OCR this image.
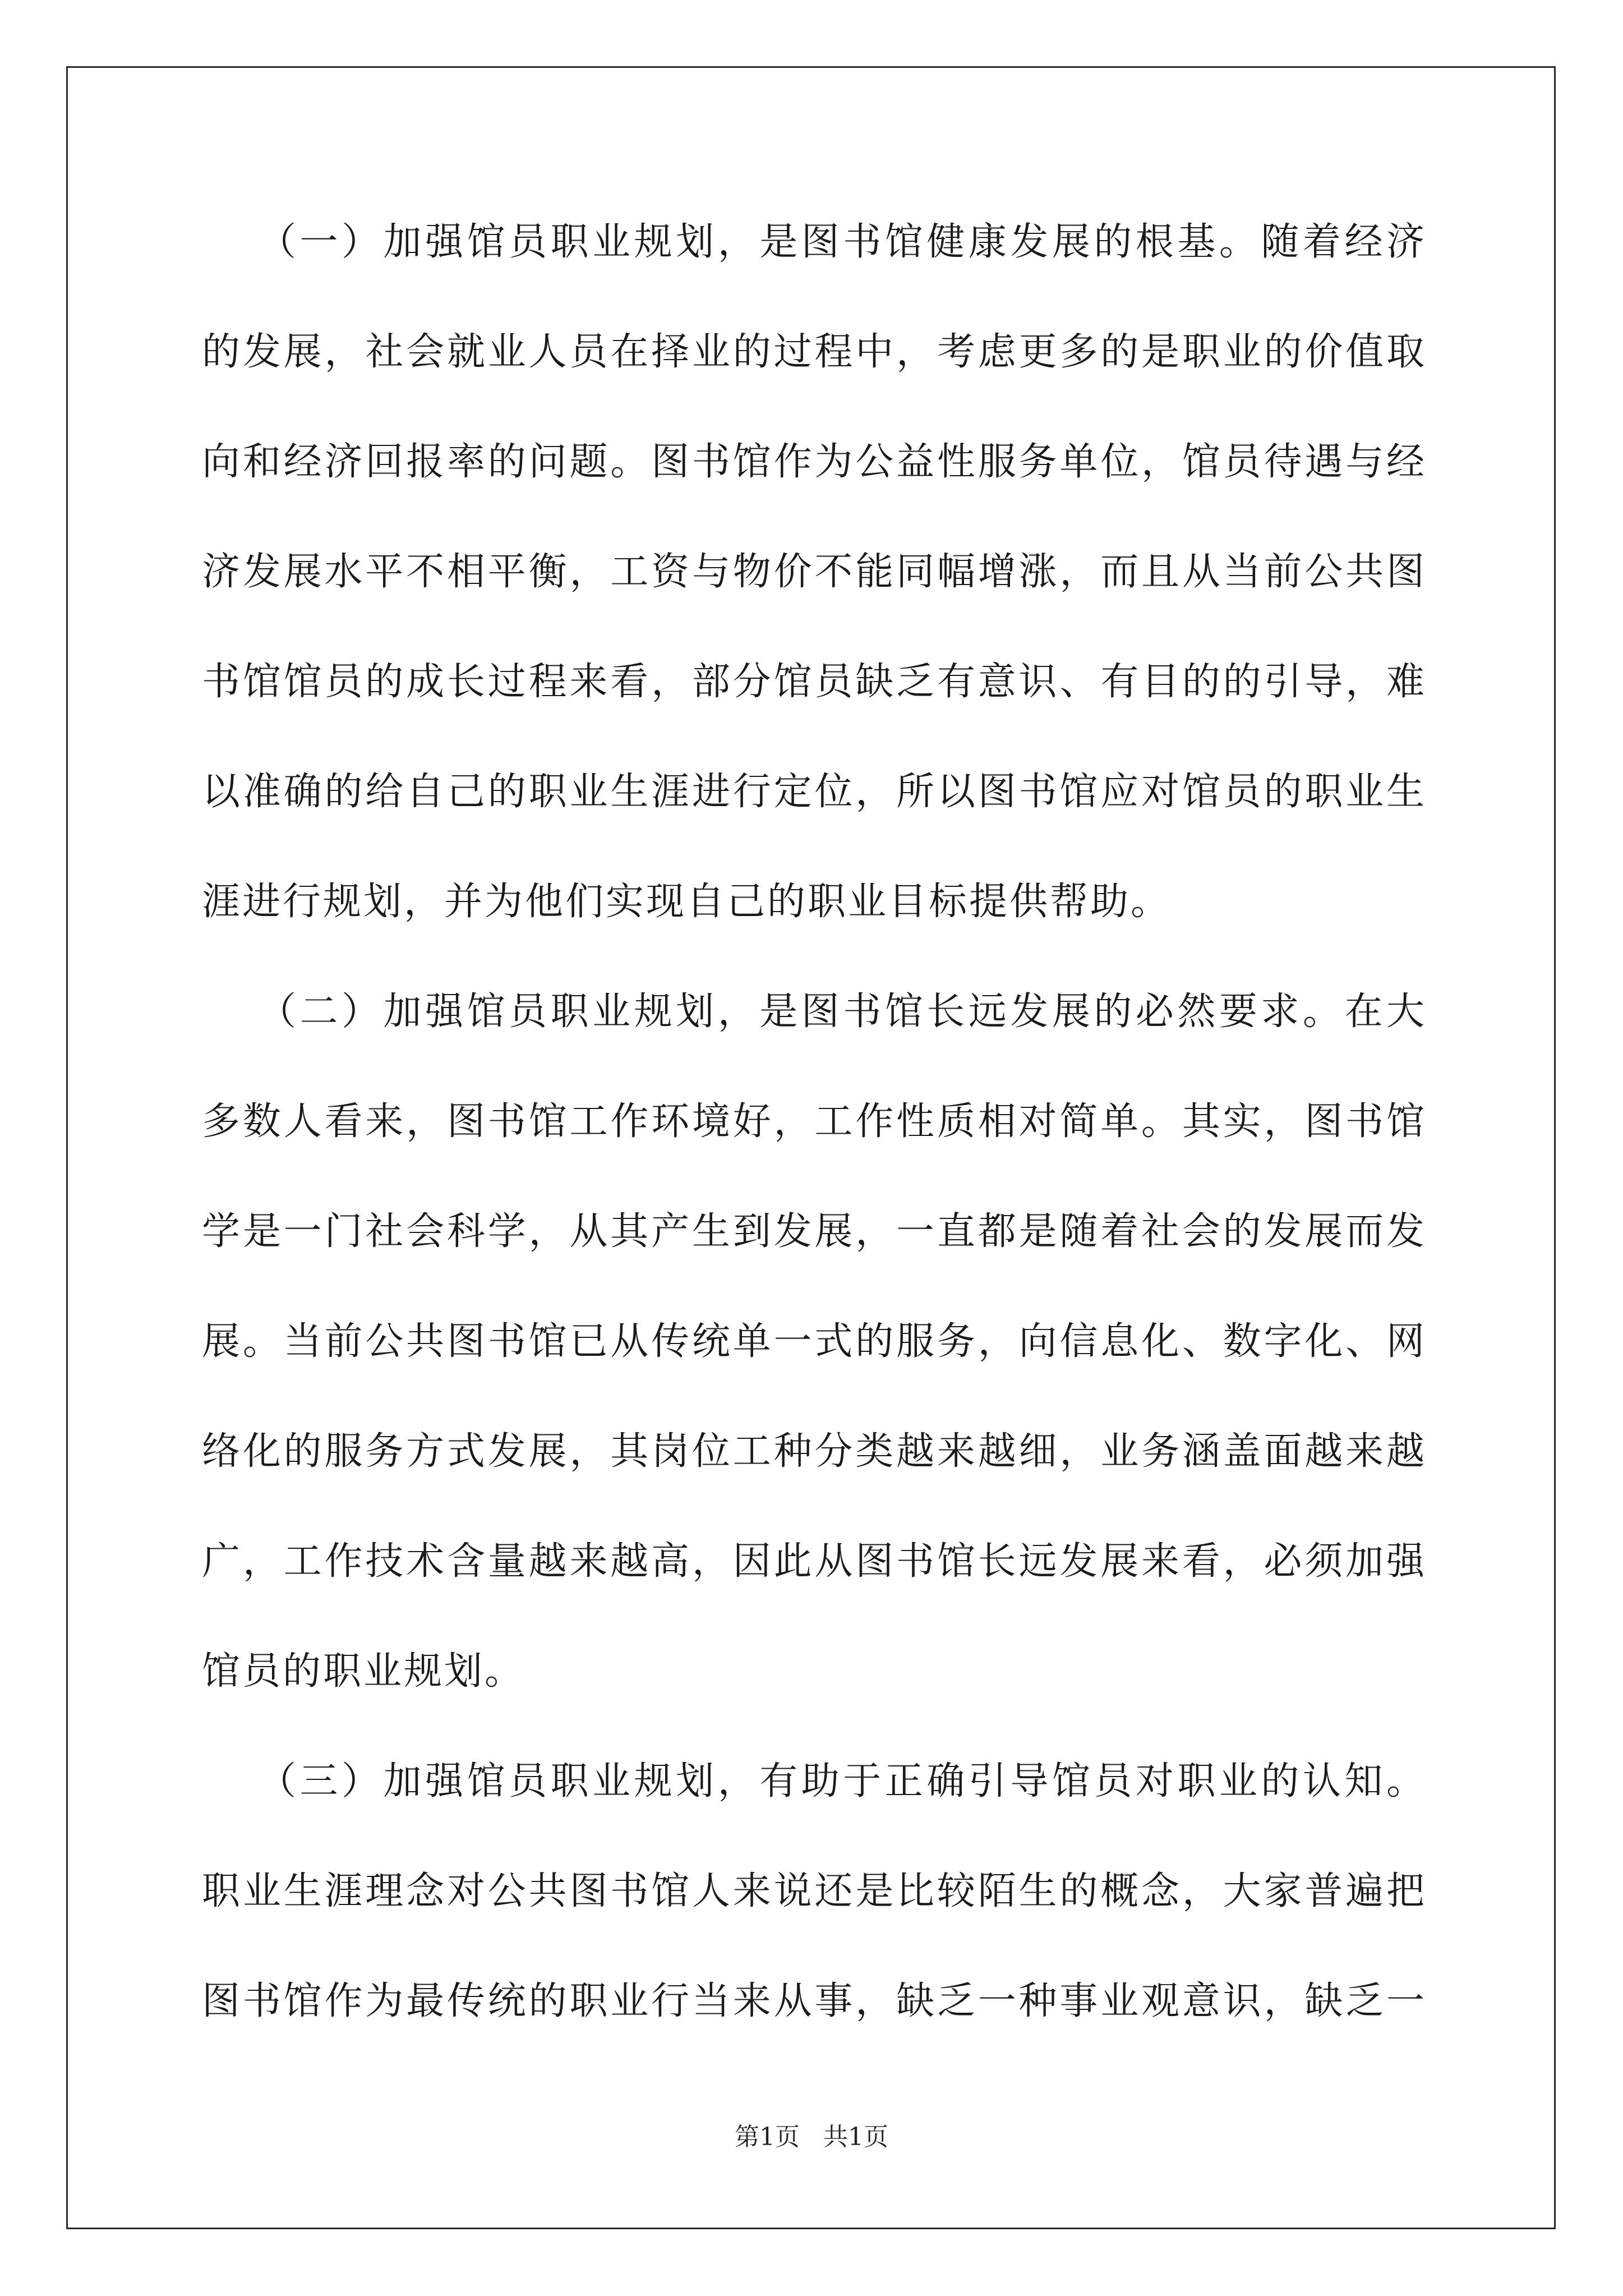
（一）加强馆员职业规划，是图书馆健康发展的根基。随着经济
的发展，社会就业人员在择业的过程中，考虑更多的是职业的价值取
向和经济回报率的问题。图书馆作为公益性服务单位，馆员待遇与经
济发展水平不相平衡，工资与物价不能同幅增涨，而且从当前公共图
书馆馆员的成长过程来看，部分馆员缺乏有意识、有目的的引导，难
以准确的给自己的职业生涯进行定位，所以图书馆应对馆员的职业生
涯进行规划，并为他们实现自己的职业目标提供帮助。
（二）加强馆员职业规划，是图书馆长远发展的必然要求。在大
多数人看来，图书馆工作环境好，工作性质相对简单。其实，图书馆
学是一门社会科学，从其产生到发展，一直都是随着社会的发展而发
展。当前公共图书馆已从传统单一式的服务，向信息化、数字化、网
络化的服务方式发展，其岗位工种分类越来越细，业务涵盖面越来越
广，工作技术含量越来越高，因此从图书馆长远发展来看，必须加强
馆员的职业规划。
（三）加强馆员职业规划，有助于正确引导馆员对职业的认知。
职业生涯理念对公共图书馆人来说还是比较陌生的概念，大家普遍把
图书馆作为最传统的职业行当来从事，缺乏一种事业观意识，缺乏一
第1页 共1页
